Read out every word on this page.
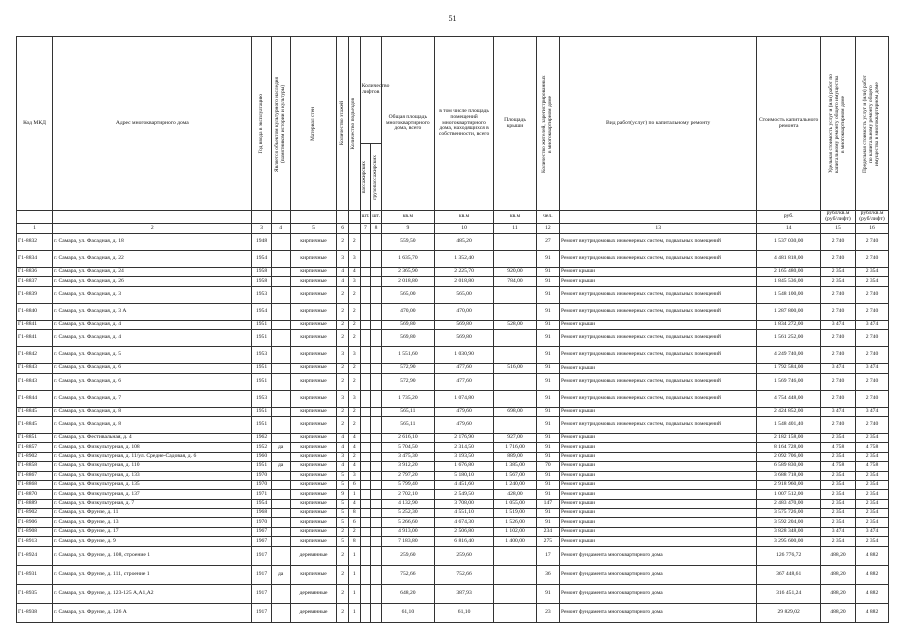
51
Код МКД	Адрес многоквартирного дома	Год ввода в эксплуатацию	Является объектом культурного наследия (памятником истории и культуры)	Материал стен	Количество этажей	Количество подъездов	Количество лифтов		Общая площадь многоквартирного дома, всего	в том числе площадь помещений многоквартирного дома, находящихся в собственности, всего	Площадь крыши	Количество жителей, зарегистрированных в многоквартирном доме	Вид работ(услуг) по капитальному ремонту	Стоимость капитального ремонта	Удельная стоимость услуг и (или) работ по капитальному ремонту общего имущества в многоквартирном доме	Предельная стоимость услуг и (или) работ по капитальному ремонту общего имущества в многоквартирном доме

							пассажирских	грузопассажирских								

							шт.	шт.	кв.м	кв.м	кв.м	чел.		руб.	рубл/кв.м (руб/лифт)	рубл/кв.м (руб/лифт)
1	2	3	4	5	6		7	8	9	10	11	12	13	14	15	16
Г1-8832	г. Самара, ул. Фасадная, д. 18	1948		кирпичные	2	2			559,50	485,20		27	Ремонт внутридомовых инженерных систем, подвальных помещений	1 537 030,00	2 740	2 740
Г1-8834	г. Самара, ул. Фасадная, д. 22	1954		кирпичные	3	3			1 635,70	1 352,40		91	Ремонт внутридомовых инженерных систем, подвальных помещений	4 481 818,00	2 740	2 740
Г1-8836	г. Самара, ул. Фасадная, д. 24	1958		кирпичные	4	4			2 365,90	2 225,70	920,00	91	Ремонт крыши	2 165 480,00	2 354	2 354
Г1-8837	г. Самара, ул. Фасадная, д. 26	1958		кирпичные	4	3			2 018,80	2 018,80	784,00	91	Ремонт крыши	1 845 536,00	2 354	2 354
Г1-8839	г. Самара, ул. Фасадная, д. 3	1953		кирпичные	2	2			565,00	565,00		91	Ремонт внутридомовых инженерных систем, подвальных помещений	1 548 100,00	2 740	2 740
Г1-8840	г. Самара, ул. Фасадная, д. 3 А	1954		кирпичные	2	2			470,00	470,00		91	Ремонт внутридомовых инженерных систем, подвальных помещений	1 287 800,00	2 740	2 740
Г1-8841	г. Самара, ул. Фасадная, д. 4	1951		кирпичные	2	2			569,80	569,80	528,00	91	Ремонт крыши	1 834 272,00	3 474	3 474
Г1-8841	г. Самара, ул. Фасадная, д. 4	1951		кирпичные	2	2			569,80	569,80		91	Ремонт внутридомовых инженерных систем, подвальных помещений	1 561 252,00	2 740	2 740
Г1-8842	г. Самара, ул. Фасадная, д. 5	1953		кирпичные	3	3			1 551,60	1 030,90		91	Ремонт внутридомовых инженерных систем, подвальных помещений	4 249 740,00	2 740	2 740
Г1-8843	г. Самара, ул. Фасадная, д. 6	1951		кирпичные	2	2			572,90	477,60	516,00	91	Ремонт крыши	1 792 584,00	3 474	3 474
Г1-8843	г. Самара, ул. Фасадная, д. 6	1951		кирпичные	2	2			572,90	477,60		91	Ремонт внутридомовых инженерных систем, подвальных помещений	1 569 746,00	2 740	2 740
Г1-8844	г. Самара, ул. Фасадная, д. 7	1953		кирпичные	3	3			1 735,20	1 074,80		91	Ремонт внутридомовых инженерных систем, подвальных помещений	4 754 448,00	2 740	2 740
Г1-8845	г. Самара, ул. Фасадная, д. 8	1951		кирпичные	2	2			565,11	479,60	698,00	91	Ремонт крыши	2 424 852,00	3 474	3 474
Г1-8845	г. Самара, ул. Фасадная, д. 8	1951		кирпичные	2	2			565,11	479,60		91	Ремонт внутридомовых инженерных систем, подвальных помещений	1 548 401,40	2 740	2 740
Г1-8851	г. Самара, ул. Фестивальная, д. 4	1962		кирпичные	4	4			2 616,10	2 176,90	927,00	91	Ремонт крыши	2 182 158,00	2 354	2 354
Г1-8857	г. Самара, ул. Физкультурная, д. 108	1952	да	кирпичные	4	4			5 704,50	2 314,50	1 716,00	91	Ремонт крыши	8 164 728,00	4 758	4 758
Г1-8902	г. Самара, ул. Физкультурная, д. 11/ул. Средне-Садовая, д. 6	1960		кирпичные	3	2			3 475,30	3 193,50	889,00	91	Ремонт крыши	2 092 706,00	2 354	2 354
Г1-8858	г. Самара, ул. Физкультурная, д. 110	1951	да	кирпичные	4	4			3 912,20	1 676,80	1 385,00	70	Ремонт крыши	6 589 830,00	4 758	4 758
Г1-8867	г. Самара, ул. Физкультурная, д. 133	1970		кирпичные	5	3			2 797,20	5 180,10	1 567,00	91	Ремонт крыши	3 688 718,00	2 354	2 354
Г1-8868	г. Самара, ул. Физкультурная, д. 135	1970		кирпичные	5	6			5 799,40	4 451,60	1 240,00	91	Ремонт крыши	2 918 960,00	2 354	2 354
Г1-8870	г. Самара, ул. Физкультурная, д. 137	1971		кирпичные	9	1			2 702,10	2 549,50	428,00	91	Ремонт крыши	1 007 512,00	2 354	2 354
Г1-8889	г. Самара, ул. Физкультурная, д. 7	1954		кирпичные	5	4			4 132,90	3 708,00	1 055,00	147	Ремонт крыши	2 483 470,00	2 354	2 354
Г1-8902	г. Самара, ул. Фрунзе, д. 11	1968		кирпичные	5	8			5 252,30	4 551,10	1 519,00	91	Ремонт крыши	3 575 726,00	2 354	2 354
Г1-8906	г. Самара, ул. Фрунзе, д. 13	1970		кирпичные	5	6			5 266,60	4 674,30	1 526,00	91	Ремонт крыши	3 592 204,00	2 354	2 354
Г1-8908	г. Самара, ул. Фрунзе, д. 17	1967		кирпичные	2	2			4 913,00	2 506,80	1 102,00	234	Ремонт крыши	3 828 348,00	3 474	3 474
Г1-8913	г. Самара, ул. Фрунзе, д. 9	1967		кирпичные	5	8			7 183,80	6 816,40	1 400,00	275	Ремонт крыши	3 295 600,00	2 354	2 354
Г1-8924	г. Самара, ул. Фрунзе, д. 108, строение 1	1917		деревянные	2	1			259,60	259,60		17	Ремонт фундамента многоквартирного дома	126 776,72	488,20	4 882
Г1-8931	г. Самара, ул. Фрунзе, д. 111, строение 1	1917	да	кирпичные	2	1			752,66	752,66		36	Ремонт фундамента многоквартирного дома	367 448,61	488,20	4 882
Г1-8935	г. Самара, ул. Фрунзе, д. 123-125 А,А1,А2	1917		деревянные	2	1			648,20	387,93		91	Ремонт фундамента многоквартирного дома	316 451,24	488,20	4 882
Г1-8938	г. Самара, ул. Фрунзе, д. 126 А	1917		деревянные	2	1			61,10	61,10		23	Ремонт фундамента многоквартирного дома	29 829,02	488,20	4 882
